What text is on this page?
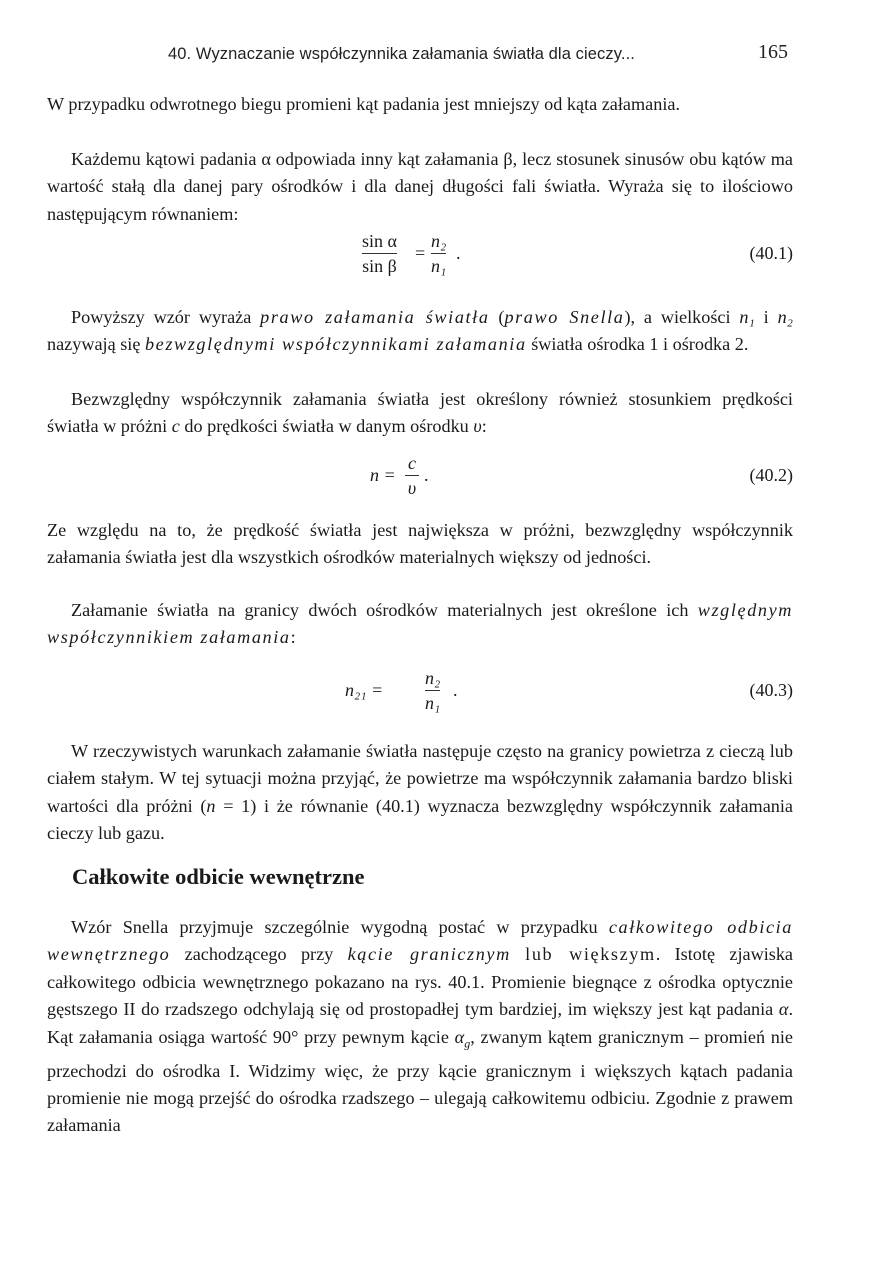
40. Wyznaczanie współczynnika załamania światła dla cieczy...	165

W przypadku odwrotnego biegu promieni kąt padania jest mniejszy od kąta załamania.

Każdemu kątowi padania α odpowiada inny kąt załamania β, lecz stosunek sinusów obu kątów ma wartość stałą dla danej pary ośrodków i dla danej długości fali światła. Wyraża się to ilościowo następującym równaniem:

sin α
sin β
=
n₂
n₁
.	(40.1)

Powyższy wzór wyraża prawo załamania światła (prawo Snella), a wielkości n₁ i n₂ nazywają się bezwzględnymi współczynnikami załamania światła ośrodka 1 i ośrodka 2.

Bezwzględny współczynnik załamania światła jest określony również stosunkiem prędkości światła w próżni c do prędkości światła w danym ośrodku υ:

n =
c
υ
.	(40.2)

Ze względu na to, że prędkość światła jest największa w próżni, bezwzględny współczynnik załamania światła jest dla wszystkich ośrodków materialnych większy od jedności.

Załamanie światła na granicy dwóch ośrodków materialnych jest określone ich względnym współczynnikiem załamania:

n₂₁ =
n₂
n₁
.	(40.3)

W rzeczywistych warunkach załamanie światła następuje często na granicy powietrza z cieczą lub ciałem stałym. W tej sytuacji można przyjąć, że powietrze ma współczynnik załamania bardzo bliski wartości dla próżni (n = 1) i że równanie (40.1) wyznacza bezwzględny współczynnik załamania cieczy lub gazu.

Całkowite odbicie wewnętrzne

Wzór Snella przyjmuje szczególnie wygodną postać w przypadku całkowitego odbicia wewnętrznego zachodzącego przy kącie granicznym lub większym. Istotę zjawiska całkowitego odbicia wewnętrznego pokazano na rys. 40.1. Promienie biegnące z ośrodka optycznie gęstszego II do rzadszego odchylają się od prostopadłej tym bardziej, im większy jest kąt padania α. Kąt załamania osiąga wartość 90° przy pewnym kącie $\alpha_g$, zwanym kątem granicznym – promień nie przechodzi do ośrodka I. Widzimy więc, że przy kącie granicznym i większych kątach padania promienie nie mogą przejść do ośrodka rzadszego – ulegają całkowitemu odbiciu. Zgodnie z prawem załamania
